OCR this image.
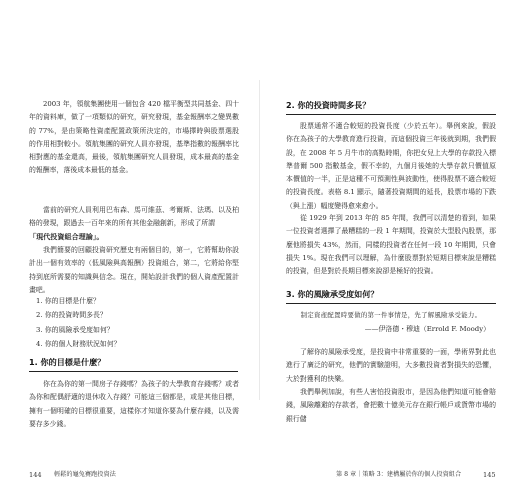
2003 年，領航集團使用一個包含 420 檔平衡型共同基金、四十年的資料庫，做了一項類似的研究，研究發現，基金報酬率之變異數的 77%，是由策略性資產配置政策所決定的，市場擇時與股票選股的作用相對較小。領航集團的研究人員亦發現，基準指數的報酬率比相對應的基金還高，最後，領航集團研究人員發現，成本最高的基金的報酬率，落後成本最低的基金。

當前的研究人員利用巴布森、馬可維茲、考爾斯、法瑪、以及柏格的發現，跟過去一百年來的所有其他金融創新，形成了所謂

「現代投資組合理論」。

我們簡要的回顧投資研究歷史有兩個目的，第一，它將幫助你設計出一個有效率的（低風險與高報酬）投資組合，第二，它將給你堅持到底所需要的知識與信念。現在，開始設計我們的個人資產配置計畫吧。

1. 你的目標是什麼？
2. 你的投資時間多長？
3. 你的風險承受度如何？
4. 你的個人財務狀況如何？

1. 你的目標是什麼？

你在為你的第一間房子存錢嗎？為孩子的大學教育存錢嗎？或者為你和配偶舒適的退休收入存錢？可能這三個都是，或是其他目標，擁有一個明確的目標很重要，這樣你才知道你要為什麼存錢，以及需要存多少錢。

144 輕鬆的龜兔賽跑投資法

2. 你的投資時間多長？

股票通常不適合較短的投資長度（少於五年）。舉例來說，假設你在為孩子的大學教育進行投資，而這個投資三年後就到期，我們假設，在 2008 年 5 月牛市的高點時期，你把女兒上大學的存款投入標準普爾 500 指數基金，假不幸的，九個月後她的大學存款只價值原本價值的一半，正是這種不可預測性與波動性，使得股票不適合較短的投資長度。表格 8.1 顯示，隨著投資期間的延長，股票市場的下跌（與上漲）幅度變得愈來愈小。

從 1929 年到 2013 年的 85 年間，我們可以清楚的看到，如果一位投資者選擇了最糟糕的一段 1 年期間，投資於大型股內股票，那麼他將損失 43%，然而，同樣的投資者在任何一段 10 年期間，只會損失 1%。現在我們可以理解，為什麼股票對於短期目標來說是糟糕的投資，但是對於長期目標來說卻是極好的投資。

3. 你的風險承受度如何？

制定資產配置時要做的第一件事情是，先了解風險承受能力。

——伊洛德・穆迪（Errold F. Moody）

了解你的風險承受度，是投資中非常重要的一面，學術界對此也進行了廣泛的研究，他們的實驗證明，大多數投資者對損失的恐懼，大於對獲利的快樂。

我們舉例加說，有些人害怕投資股市，是因為他們知道可能會賠錢，風險離避的存款者，會把數十億美元存在銀行帳戶或貨幣市場的銀行儲

第 8 章｜策略 3：建構屬於你的個人投資組合	145
